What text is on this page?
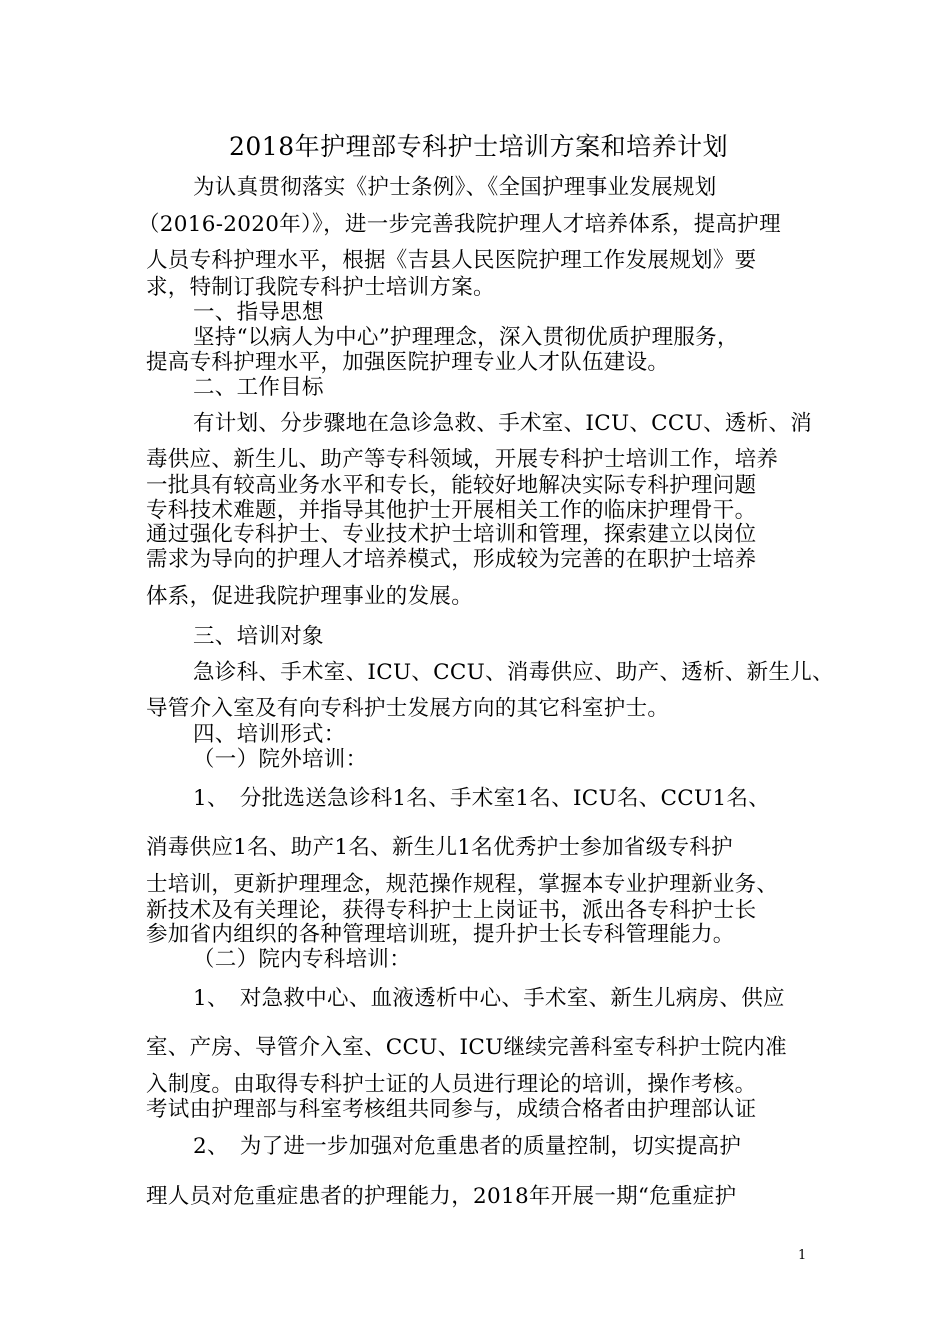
2018年护理部专科护士培训方案和培养计划
为认真贯彻落实《护士条例》、《全国护理事业发展规划
（2016-2020年）》，进一步完善我院护理人才培养体系，提高护理
人员专科护理水平，根据《吉县人民医院护理工作发展规划》要
求，特制订我院专科护士培训方案。
一、指导思想
坚持“以病人为中心”护理理念，深入贯彻优质护理服务，
提高专科护理水平，加强医院护理专业人才队伍建设。
二、工作目标
有计划、分步骤地在急诊急救、手术室、ICU、CCU、透析、消
毒供应、新生儿、助产等专科领域，开展专科护士培训工作，培养
一批具有较高业务水平和专长，能较好地解决实际专科护理问题
专科技术难题，并指导其他护士开展相关工作的临床护理骨干。
通过强化专科护士、专业技术护士培训和管理，探索建立以岗位
需求为导向的护理人才培养模式，形成较为完善的在职护士培养
体系，促进我院护理事业的发展。
三、培训对象
急诊科、手术室、ICU、CCU、消毒供应、助产、透析、新生儿、
导管介入室及有向专科护士发展方向的其它科室护士。
四、培训形式：
（一）院外培训：
1、　分批选送急诊科1名、手术室1名、ICU名、CCU1名、
消毒供应1名、助产1名、新生儿1名优秀护士参加省级专科护
士培训，更新护理理念，规范操作规程，掌握本专业护理新业务、
新技术及有关理论，获得专科护士上岗证书，派出各专科护士长
参加省内组织的各种管理培训班，提升护士长专科管理能力。
（二）院内专科培训：
1、　对急救中心、血液透析中心、手术室、新生儿病房、供应
室、产房、导管介入室、CCU、ICU继续完善科室专科护士院内准
入制度。由取得专科护士证的人员进行理论的培训，操作考核。
考试由护理部与科室考核组共同参与，成绩合格者由护理部认证
2、　为了进一步加强对危重患者的质量控制，切实提高护
理人员对危重症患者的护理能力，2018年开展一期“危重症护
1
